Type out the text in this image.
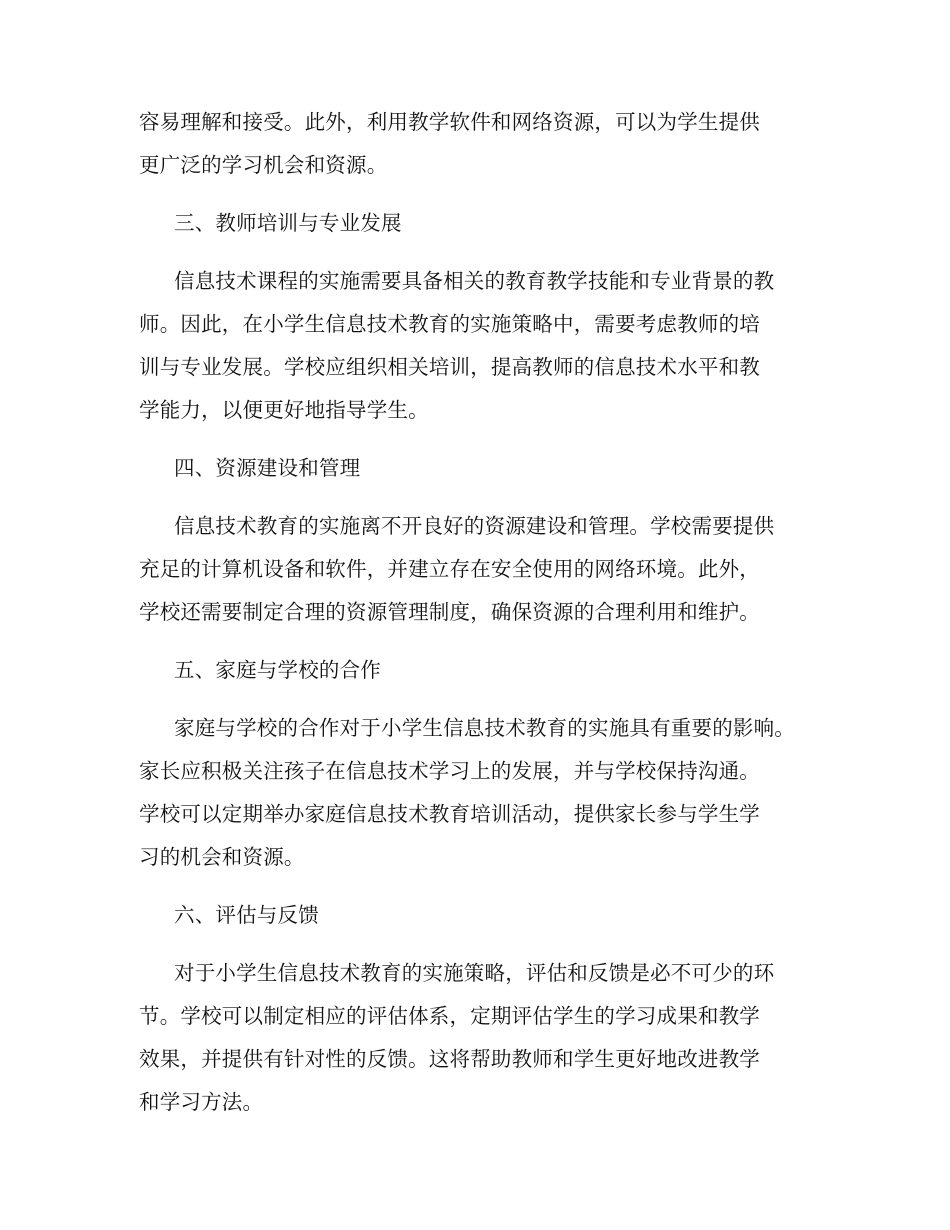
容易理解和接受。此外，利用教学软件和网络资源，可以为学生提供
更广泛的学习机会和资源。
三、教师培训与专业发展
信息技术课程的实施需要具备相关的教育教学技能和专业背景的教
师。因此，在小学生信息技术教育的实施策略中，需要考虑教师的培
训与专业发展。学校应组织相关培训，提高教师的信息技术水平和教
学能力，以便更好地指导学生。
四、资源建设和管理
信息技术教育的实施离不开良好的资源建设和管理。学校需要提供
充足的计算机设备和软件，并建立存在安全使用的网络环境。此外，
学校还需要制定合理的资源管理制度，确保资源的合理利用和维护。
五、家庭与学校的合作
家庭与学校的合作对于小学生信息技术教育的实施具有重要的影响。
家长应积极关注孩子在信息技术学习上的发展，并与学校保持沟通。
学校可以定期举办家庭信息技术教育培训活动，提供家长参与学生学
习的机会和资源。
六、评估与反馈
对于小学生信息技术教育的实施策略，评估和反馈是必不可少的环
节。学校可以制定相应的评估体系，定期评估学生的学习成果和教学
效果，并提供有针对性的反馈。这将帮助教师和学生更好地改进教学
和学习方法。
